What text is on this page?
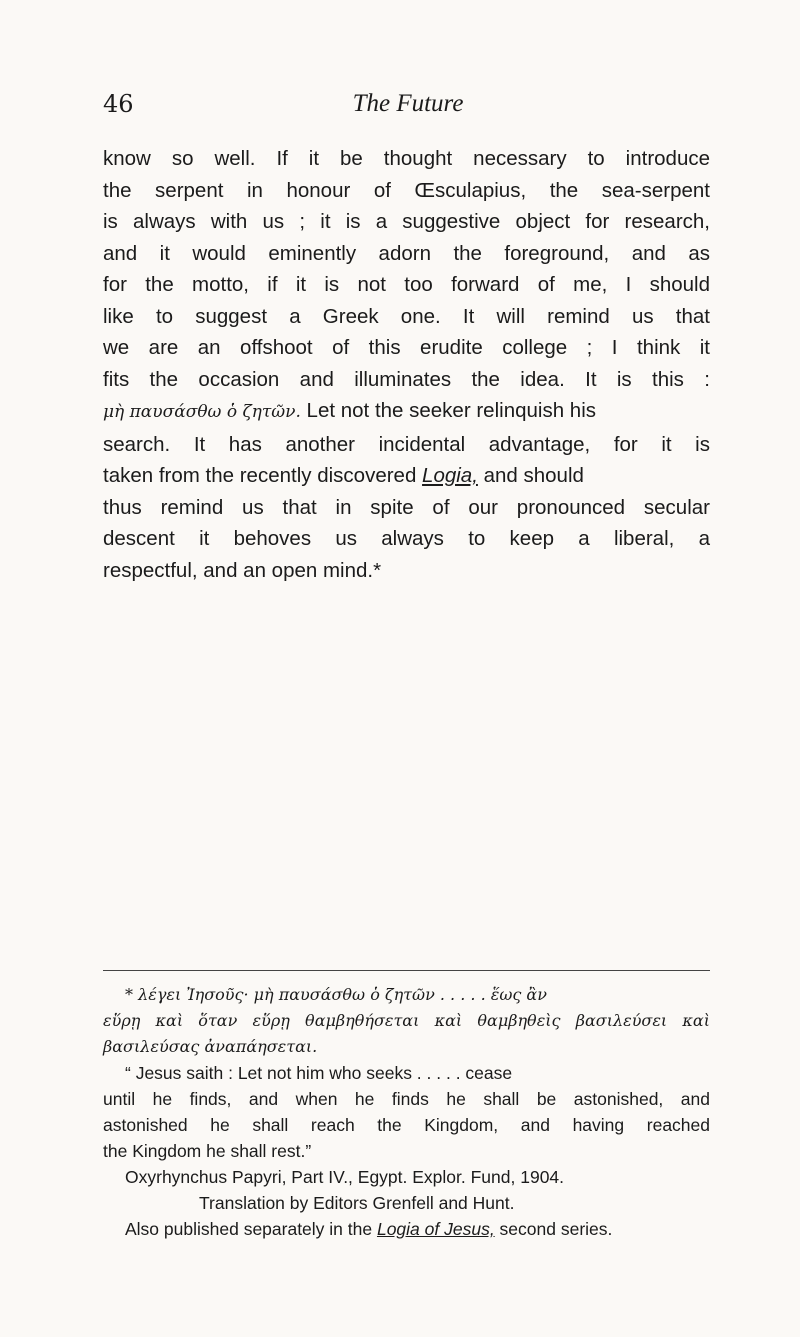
46	The Future
know so well. If it be thought necessary to introduce
the serpent in honour of Œsculapius, the sea-serpent
is always with us ; it is a suggestive object for research,
and it would eminently adorn the foreground, and as
for the motto, if it is not too forward of me, I should
like to suggest a Greek one. It will remind us that
we are an offshoot of this erudite college ; I think it
fits the occasion and illuminates the idea. It is this :
μὴ παυσάσθω ὁ ζητῶν. Let not the seeker relinquish his
search. It has another incidental advantage, for it is
taken from the recently discovered Logia, and should
thus remind us that in spite of our pronounced secular
descent it behoves us always to keep a liberal, a
respectful, and an open mind.*
* λέγει Ἰησοῦς· μὴ παυσάσθω ὁ ζητῶν . . . . . ἕως ἂν
εὕρῃ καὶ ὅταν εὕρῃ θαμβηθήσεται καὶ θαμβηθεὶς βασιλεύσει καὶ
βασιλεύσας ἀναπάησεται.
“ Jesus saith : Let not him who seeks . . . . . cease
until he finds, and when he finds he shall be astonished, and
astonished he shall reach the Kingdom, and having reached
the Kingdom he shall rest.”
Oxyrhynchus Papyri, Part IV., Egypt. Explor. Fund, 1904.
Translation by Editors Grenfell and Hunt.
Also published separately in the Logia of Jesus, second series.
